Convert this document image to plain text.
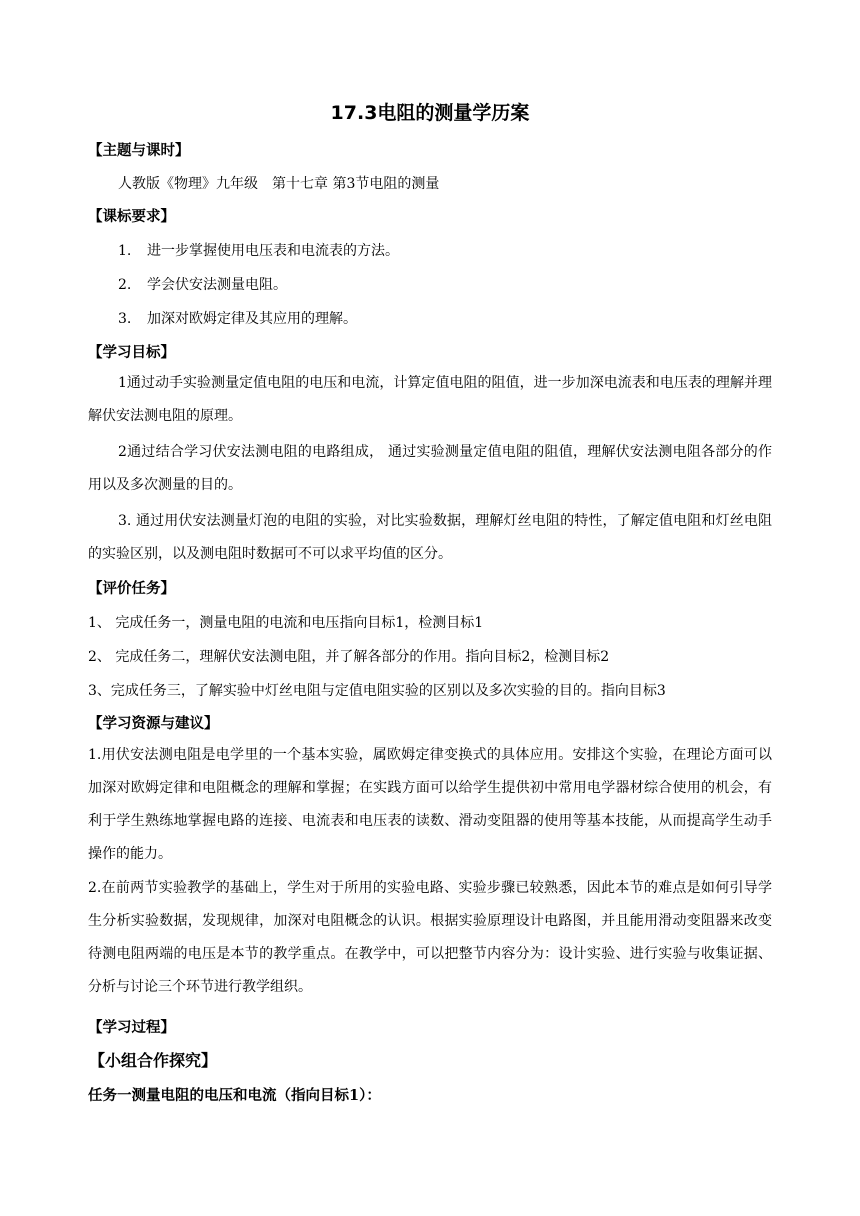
17.3电阻的测量学历案
【主题与课时】
人教版《物理》九年级　第十七章 第3节电阻的测量
【课标要求】
1. 进一步掌握使用电压表和电流表的方法。
2. 学会伏安法测量电阻。
3. 加深对欧姆定律及其应用的理解。
【学习目标】
1通过动手实验测量定值电阻的电压和电流，计算定值电阻的阻值，进一步加深电流表和电压表的理解并理解伏安法测电阻的原理。
2通过结合学习伏安法测电阻的电路组成， 通过实验测量定值电阻的阻值，理解伏安法测电阻各部分的作用以及多次测量的目的。
3. 通过用伏安法测量灯泡的电阻的实验，对比实验数据，理解灯丝电阻的特性，了解定值电阻和灯丝电阻的实验区别，以及测电阻时数据可不可以求平均值的区分。
【评价任务】
1、 完成任务一，测量电阻的电流和电压指向目标1，检测目标1
2、 完成任务二，理解伏安法测电阻，并了解各部分的作用。指向目标2，检测目标2
3、完成任务三，了解实验中灯丝电阻与定值电阻实验的区别以及多次实验的目的。指向目标3
【学习资源与建议】
1.用伏安法测电阻是电学里的一个基本实验，属欧姆定律变换式的具体应用。安排这个实验，在理论方面可以加深对欧姆定律和电阻概念的理解和掌握；在实践方面可以给学生提供初中常用电学器材综合使用的机会，有利于学生熟练地掌握电路的连接、电流表和电压表的读数、滑动变阻器的使用等基本技能，从而提高学生动手操作的能力。
2.在前两节实验教学的基础上，学生对于所用的实验电路、实验步骤已较熟悉，因此本节的难点是如何引导学生分析实验数据，发现规律，加深对电阻概念的认识。根据实验原理设计电路图，并且能用滑动变阻器来改变待测电阻两端的电压是本节的教学重点。在教学中，可以把整节内容分为：设计实验、进行实验与收集证据、分析与讨论三个环节进行教学组织。
【学习过程】
【小组合作探究】
任务一测量电阻的电压和电流（指向目标1）：
